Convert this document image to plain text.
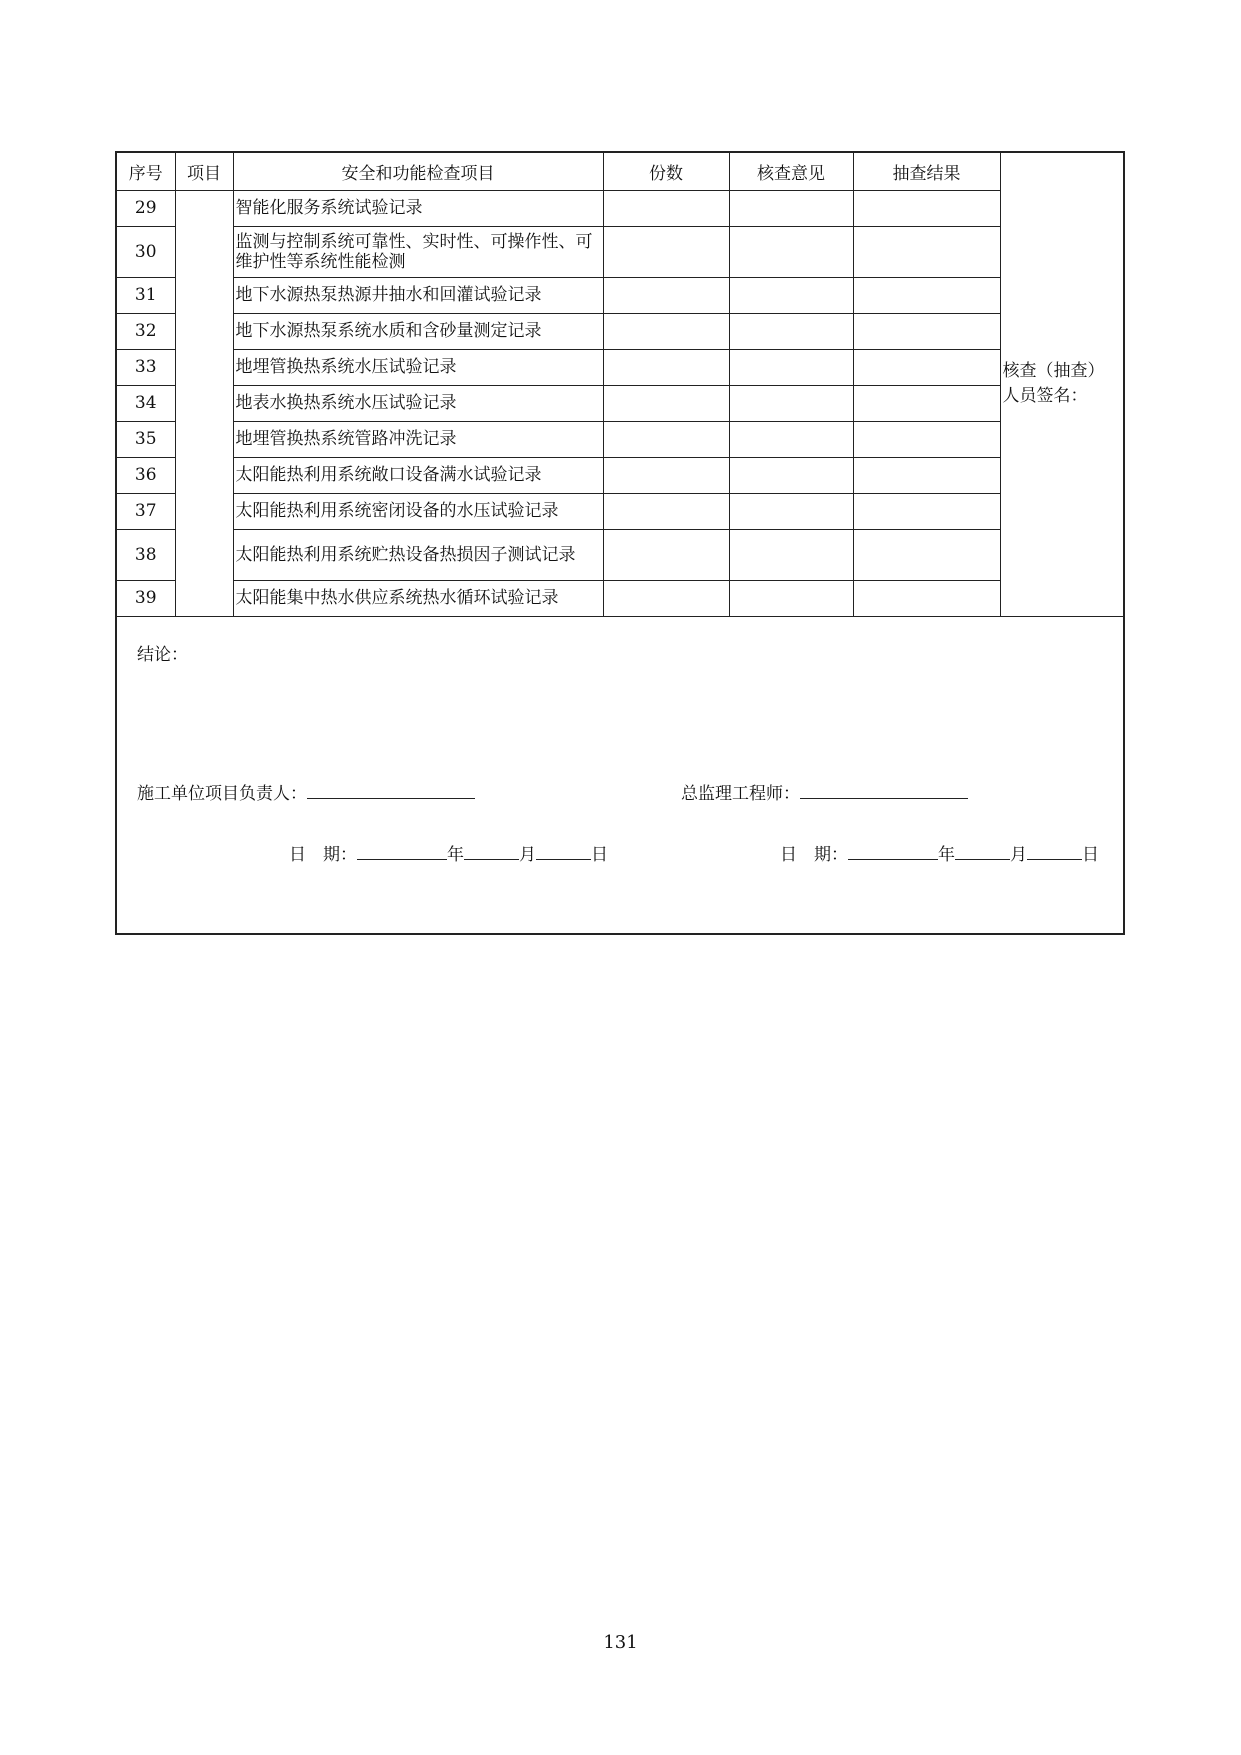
序号	项目	安全和功能检查项目	份数	核查意见	抽查结果	核查（抽查）
人员签名：

29		智能化服务系统试验记录				
30		监测与控制系统可靠性、实时性、可操作性、可维护性等系统性能检测				
31		地下水源热泵热源井抽水和回灌试验记录				
32		地下水源热泵系统水质和含砂量测定记录				
33		地埋管换热系统水压试验记录				
34		地表水换热系统水压试验记录				
35		地埋管换热系统管路冲洗记录				
36		太阳能热利用系统敞口设备满水试验记录				
37		太阳能热利用系统密闭设备的水压试验记录				
38		太阳能热利用系统贮热设备热损因子测试记录				
39		太阳能集中热水供应系统热水循环试验记录				
结论：
施工单位项目负责人：	总监理工程师：
日　期：	年	月	日	日　期：	年	月	日
131
